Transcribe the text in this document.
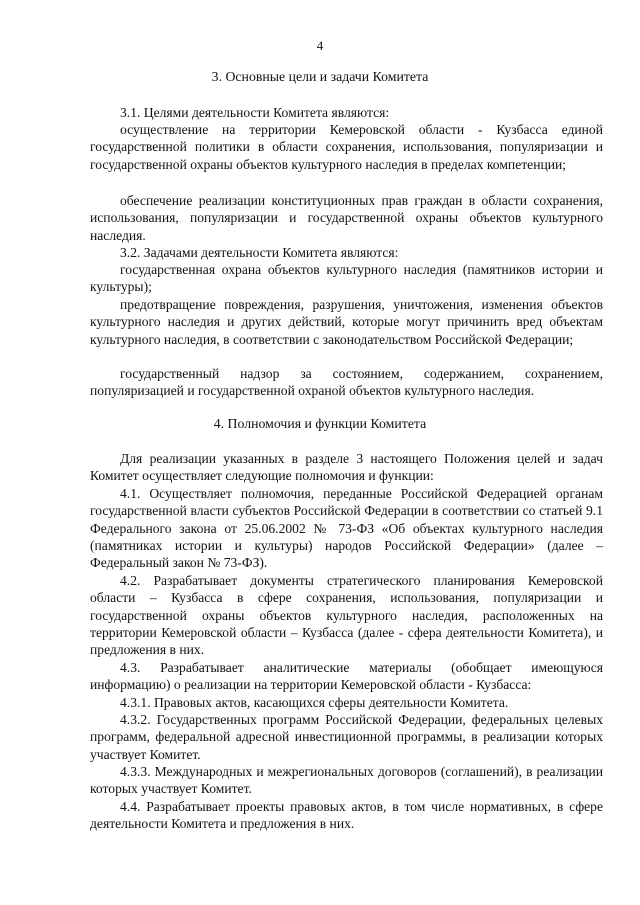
4
3. Основные цели и задачи Комитета

3.1. Целями деятельности Комитета являются:

осуществление на территории Кемеровской области - Кузбасса единой государственной политики в области сохранения, использования, популяризации и государственной охраны объектов культурного наследия в пределах компетенции;

обеспечение реализации конституционных прав граждан в области сохранения, использования, популяризации и государственной охраны объектов культурного наследия.

3.2. Задачами деятельности Комитета являются:

государственная охрана объектов культурного наследия (памятников истории и культуры);

предотвращение повреждения, разрушения, уничтожения, изменения объектов культурного наследия и других действий, которые могут причинить вред объектам культурного наследия, в соответствии с законодательством Российской Федерации;

государственный надзор за состоянием, содержанием, сохранением, популяризацией и государственной охраной объектов культурного наследия.

4. Полномочия и функции Комитета

Для реализации указанных в разделе 3 настоящего Положения целей и задач Комитет осуществляет следующие полномочия и функции:

4.1. Осуществляет полномочия, переданные Российской Федерацией органам государственной власти субъектов Российской Федерации в соответствии со статьей 9.1 Федерального закона от 25.06.2002 № 73-ФЗ «Об объектах культурного наследия (памятниках истории и культуры) народов Российской Федерации» (далее – Федеральный закон № 73-ФЗ).

4.2. Разрабатывает документы стратегического планирования Кемеровской области – Кузбасса в сфере сохранения, использования, популяризации и государственной охраны объектов культурного наследия, расположенных на территории Кемеровской области – Кузбасса (далее - сфера деятельности Комитета), и предложения в них.

4.3. Разрабатывает аналитические материалы (обобщает имеющуюся информацию) о реализации на территории Кемеровской области - Кузбасса:

4.3.1. Правовых актов, касающихся сферы деятельности Комитета.

4.3.2. Государственных программ Российской Федерации, федеральных целевых программ, федеральной адресной инвестиционной программы, в реализации которых участвует Комитет.

4.3.3. Международных и межрегиональных договоров (соглашений), в реализации которых участвует Комитет.

4.4. Разрабатывает проекты правовых актов, в том числе нормативных, в сфере деятельности Комитета и предложения в них.
